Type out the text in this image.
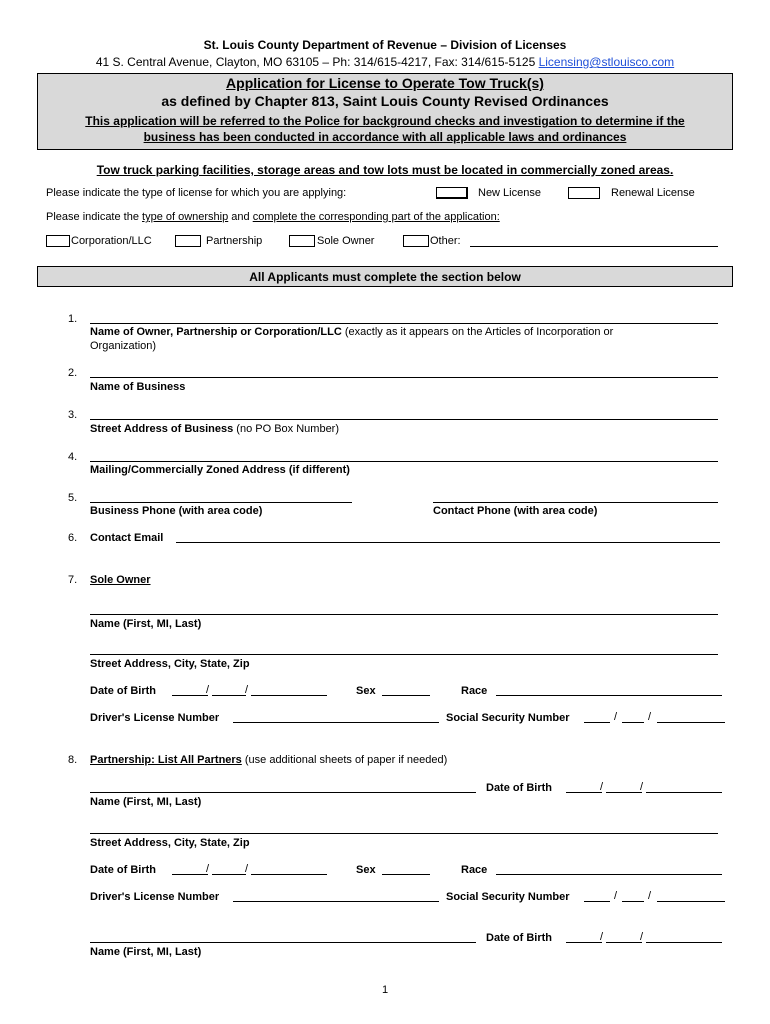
St. Louis County Department of Revenue – Division of Licenses
41 S. Central Avenue, Clayton, MO 63105 – Ph: 314/615-4217, Fax: 314/615-5125 Licensing@stlouisco.com
Application for License to Operate Tow Truck(s)
as defined by Chapter 813, Saint Louis County Revised Ordinances
This application will be referred to the Police for background checks and investigation to determine if the
business has been conducted in accordance with all applicable laws and ordinances
Tow truck parking facilities, storage areas and tow lots must be located in commercially zoned areas.
Please indicate the type of license for which you are applying:	New License	Renewal License
Please indicate the type of ownership and complete the corresponding part of the application:
Corporation/LLC	Partnership	Sole Owner	Other:
All Applicants must complete the section below
1.
Name of Owner, Partnership or Corporation/LLC (exactly as it appears on the Articles of Incorporation or
Organization)
2.
Name of Business
3.
Street Address of Business (no PO Box Number)
4.
Mailing/Commercially Zoned Address (if different)
5.
Business Phone (with area code)	Contact Phone (with area code)
6. Contact Email
7. Sole Owner
Name (First, MI, Last)
Street Address, City, State, Zip
Date of Birth	/	/	Sex	Race
Driver's License Number	Social Security Number	/	/
8. Partnership: List All Partners (use additional sheets of paper if needed)
Date of Birth	/	/
Name (First, MI, Last)
Street Address, City, State, Zip
Date of Birth	/	/	Sex	Race
Driver's License Number	Social Security Number	/	/
Date of Birth	/	/
Name (First, MI, Last)
1
